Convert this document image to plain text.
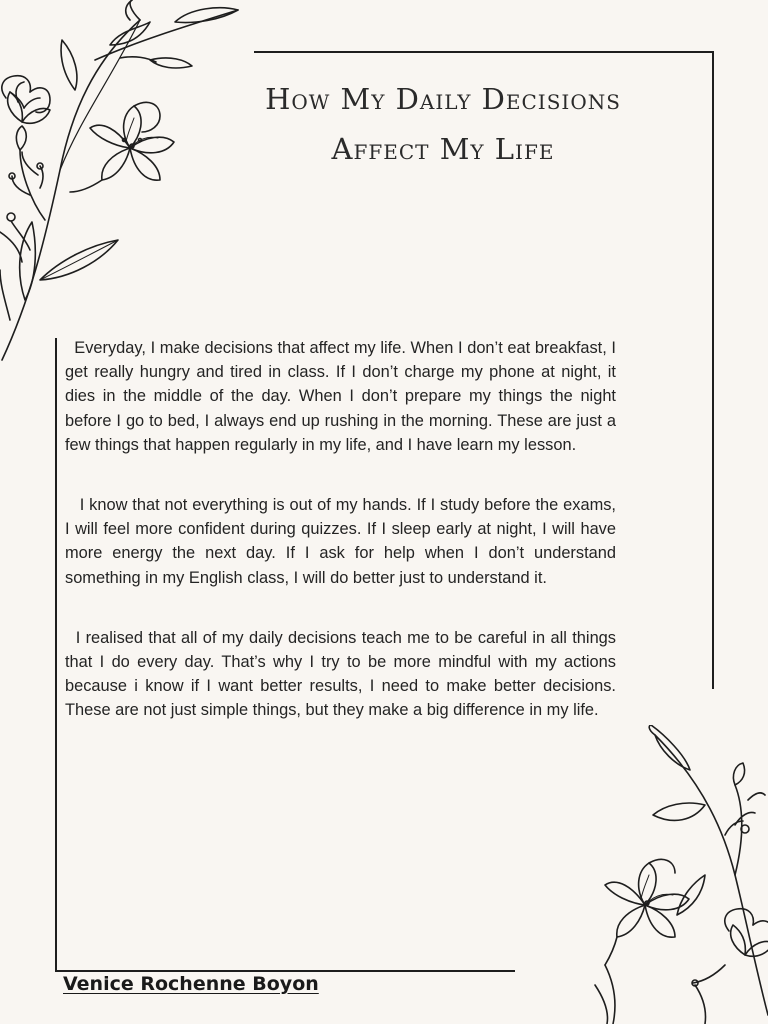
How My Daily Decisions
Affect My Life

Everyday, I make decisions that affect my life. When I don’t eat breakfast, I get really hungry and tired in class. If I don’t charge my phone at night, it dies in the middle of the day. When I don’t prepare my things the night before I go to bed, I always end up rushing in the morning. These are just a few things that happen regularly in my life, and I have learn my lesson.

I know that not everything is out of my hands. If I study before the exams, I will feel more confident during quizzes. If I sleep early at night, I will have more energy the next day. If I ask for help when I don’t understand something in my English class, I will do better just to understand it.

I realised that all of my daily decisions teach me to be careful in all things that I do every day. That’s why I try to be more mindful with my actions because i know if I want better results, I need to make better decisions. These are not just simple things, but they make a big difference in my life.

Venice Rochenne Boyon
